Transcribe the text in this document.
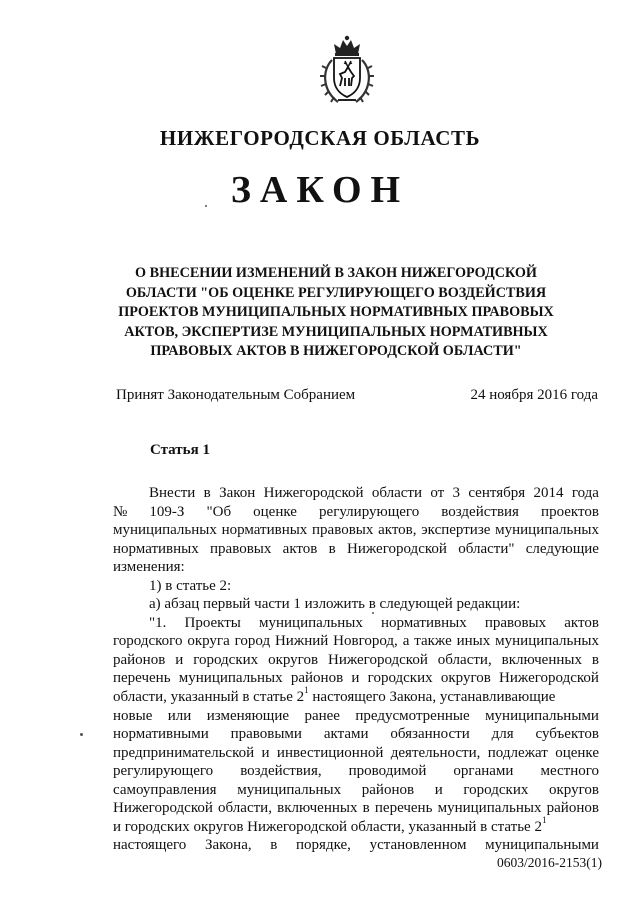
НИЖЕГОРОДСКАЯ ОБЛАСТЬ
ЗАКОН
О ВНЕСЕНИИ ИЗМЕНЕНИЙ В ЗАКОН НИЖЕГОРОДСКОЙ
ОБЛАСТИ "ОБ ОЦЕНКЕ РЕГУЛИРУЮЩЕГО ВОЗДЕЙСТВИЯ
ПРОЕКТОВ МУНИЦИПАЛЬНЫХ НОРМАТИВНЫХ ПРАВОВЫХ
АКТОВ, ЭКСПЕРТИЗЕ МУНИЦИПАЛЬНЫХ НОРМАТИВНЫХ
ПРАВОВЫХ АКТОВ В НИЖЕГОРОДСКОЙ ОБЛАСТИ"
Принят Законодательным Собранием	24 ноября 2016 года
Статья 1
Внести в Закон Нижегородской области от 3 сентября 2014 года
№ 109-З "Об оценке регулирующего воздействия проектов
муниципальных нормативных правовых актов, экспертизе муниципальных
нормативных правовых актов в Нижегородской области" следующие
изменения:
1) в статье 2:
а) абзац первый части 1 изложить в следующей редакции:
"1. Проекты муниципальных нормативных правовых актов
городского округа город Нижний Новгород, а также иных муниципальных
районов и городских округов Нижегородской области, включенных в
перечень муниципальных районов и городских округов Нижегородской
области, указанный в статье $2^1$ настоящего Закона, устанавливающие
новые или изменяющие ранее предусмотренные муниципальными
нормативными правовыми актами обязанности для субъектов
предпринимательской и инвестиционной деятельности, подлежат оценке
регулирующего воздействия, проводимой органами местного
самоуправления муниципальных районов и городских округов
Нижегородской области, включенных в перечень муниципальных районов
и городских округов Нижегородской области, указанный в статье $2^1$
настоящего Закона, в порядке, установленном муниципальными
0603/2016-2153(1)
